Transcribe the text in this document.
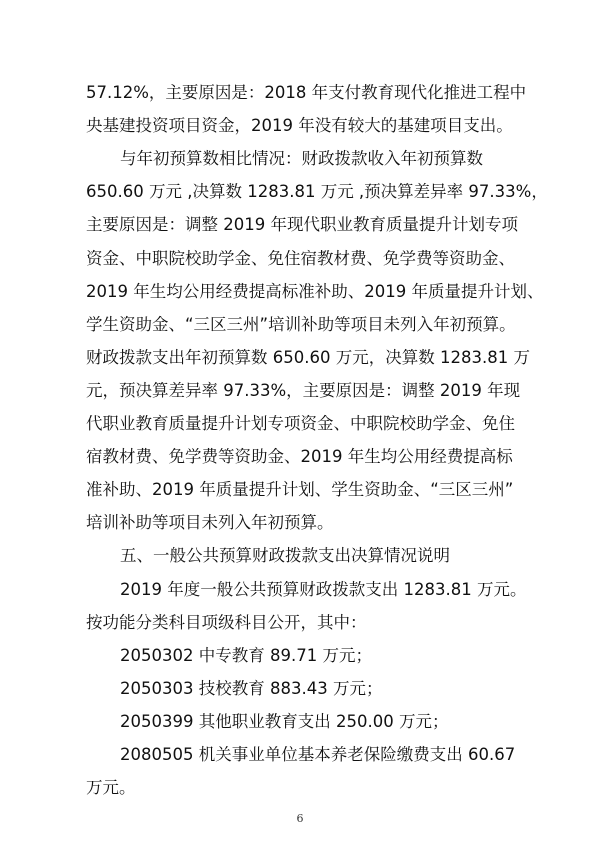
57.12%，主要原因是：2018 年支付教育现代化推进工程中
央基建投资项目资金，2019 年没有较大的基建项目支出。
与年初预算数相比情况：财政拨款收入年初预算数
650.60 万元 ,决算数 1283.81 万元 ,预决算差异率 97.33%，
主要原因是：调整 2019 年现代职业教育质量提升计划专项
资金、中职院校助学金、免住宿教材费、免学费等资助金、
2019 年生均公用经费提高标准补助、2019 年质量提升计划、
学生资助金、“三区三州”培训补助等项目未列入年初预算。
财政拨款支出年初预算数 650.60 万元，决算数 1283.81 万
元，预决算差异率 97.33%，主要原因是：调整 2019 年现
代职业教育质量提升计划专项资金、中职院校助学金、免住
宿教材费、免学费等资助金、2019 年生均公用经费提高标
准补助、2019 年质量提升计划、学生资助金、“三区三州”
培训补助等项目未列入年初预算。
五、一般公共预算财政拨款支出决算情况说明
2019 年度一般公共预算财政拨款支出 1283.81 万元。
按功能分类科目项级科目公开，其中：
2050302 中专教育 89.71 万元；
2050303 技校教育 883.43 万元；
2050399 其他职业教育支出 250.00 万元；
2080505 机关事业单位基本养老保险缴费支出 60.67
万元。
6
